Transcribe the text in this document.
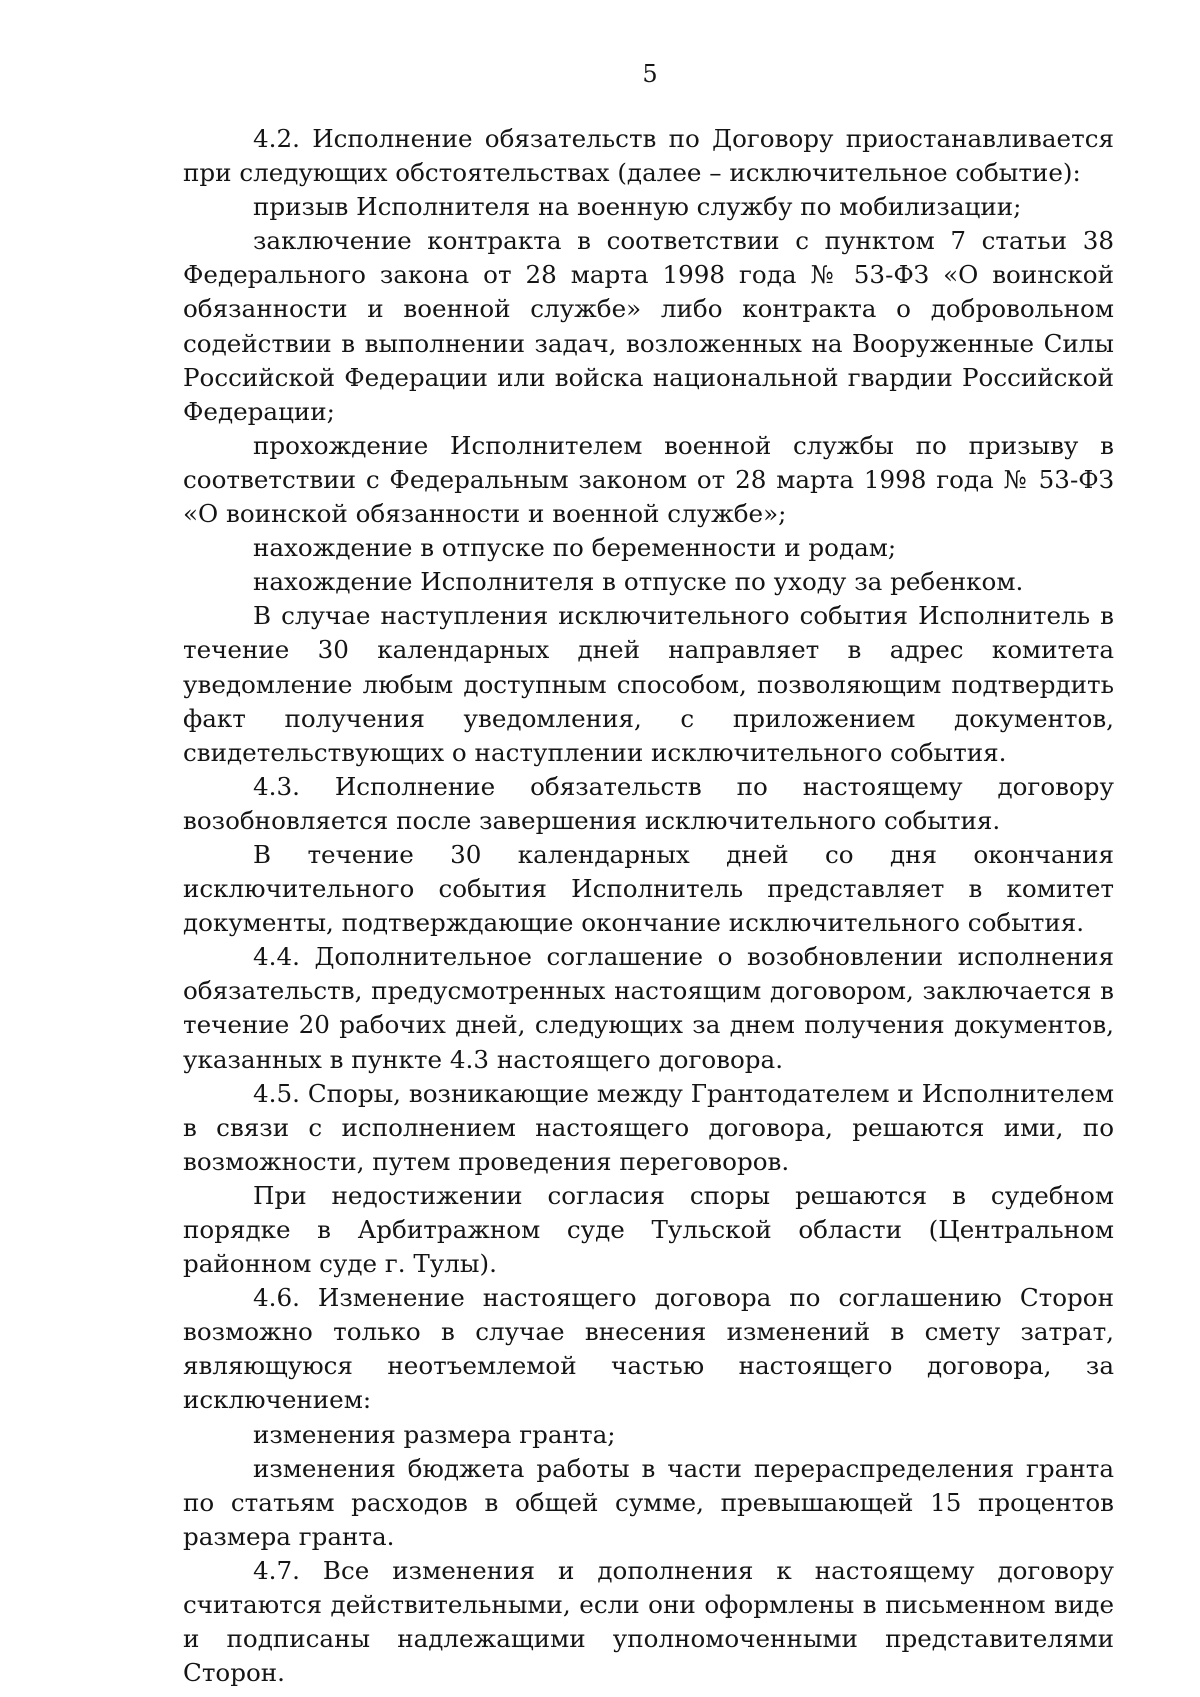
5

4.2. Исполнение обязательств по Договору приостанавливается при следующих обстоятельствах (далее – исключительное событие):

призыв Исполнителя на военную службу по мобилизации;

заключение контракта в соответствии с пунктом 7 статьи 38 Федерального закона от 28 марта 1998 года № 53-ФЗ «О воинской обязанности и военной службе» либо контракта о добровольном содействии в выполнении задач, возложенных на Вооруженные Силы Российской Федерации или войска национальной гвардии Российской Федерации;

прохождение Исполнителем военной службы по призыву в соответствии с Федеральным законом от 28 марта 1998 года № 53-ФЗ «О воинской обязанности и военной службе»;

нахождение в отпуске по беременности и родам;

нахождение Исполнителя в отпуске по уходу за ребенком.

В случае наступления исключительного события Исполнитель в течение 30 календарных дней направляет в адрес комитета уведомление любым доступным способом, позволяющим подтвердить факт получения уведомления, с приложением документов, свидетельствующих о наступлении исключительного события.

4.3. Исполнение обязательств по настоящему договору возобновляется после завершения исключительного события.

В течение 30 календарных дней со дня окончания исключительного события Исполнитель представляет в комитет документы, подтверждающие окончание исключительного события.

4.4. Дополнительное соглашение о возобновлении исполнения обязательств, предусмотренных настоящим договором, заключается в течение 20 рабочих дней, следующих за днем получения документов, указанных в пункте 4.3 настоящего договора.

4.5. Споры, возникающие между Грантодателем и Исполнителем в связи с исполнением настоящего договора, решаются ими, по возможности, путем проведения переговоров.

При недостижении согласия споры решаются в судебном порядке в Арбитражном суде Тульской области (Центральном районном суде г. Тулы).

4.6. Изменение настоящего договора по соглашению Сторон возможно только в случае внесения изменений в смету затрат, являющуюся неотъемлемой частью настоящего договора, за исключением:

изменения размера гранта;

изменения бюджета работы в части перераспределения гранта по статьям расходов в общей сумме, превышающей 15 процентов размера гранта.

4.7. Все изменения и дополнения к настоящему договору считаются действительными, если они оформлены в письменном виде и подписаны надлежащими уполномоченными представителями Сторон.
